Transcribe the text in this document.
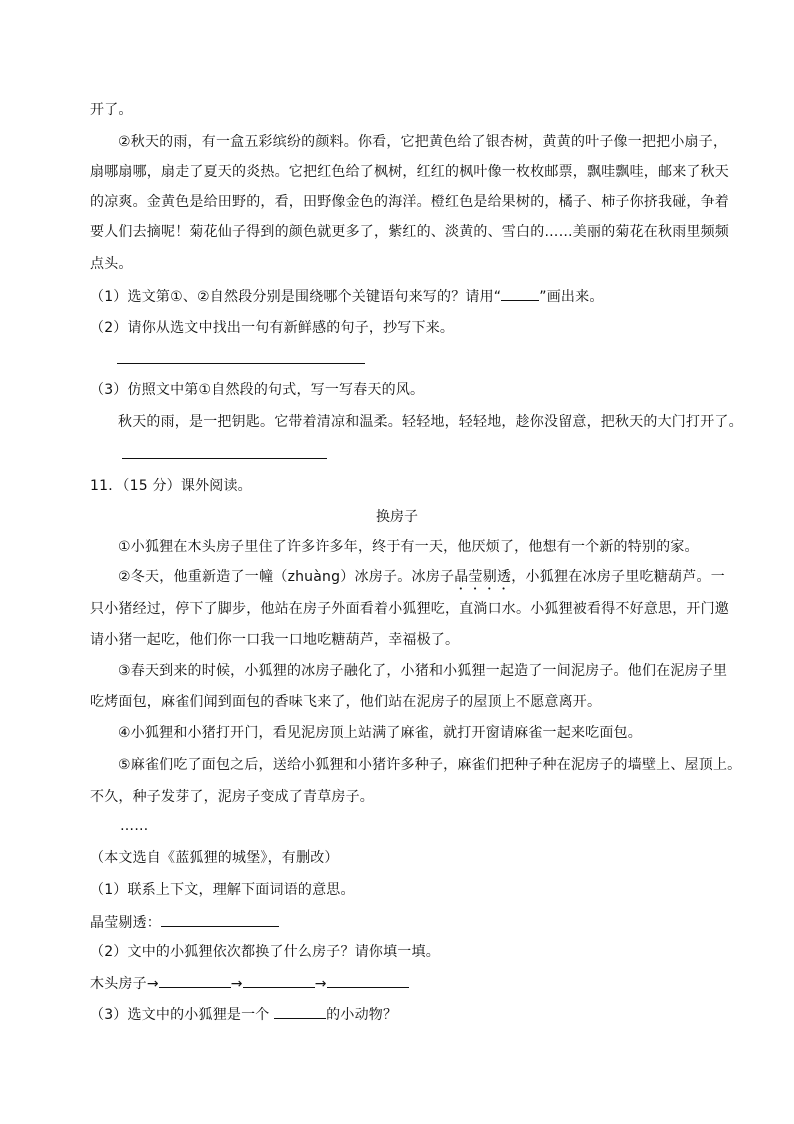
开了。
②秋天的雨，有一盒五彩缤纷的颜料。你看，它把黄色给了银杏树，黄黄的叶子像一把把小扇子，
扇哪扇哪，扇走了夏天的炎热。它把红色给了枫树，红红的枫叶像一枚枚邮票，飘哇飘哇，邮来了秋天
的凉爽。金黄色是给田野的，看，田野像金色的海洋。橙红色是给果树的，橘子、柿子你挤我碰，争着
要人们去摘呢！菊花仙子得到的颜色就更多了，紫红的、淡黄的、雪白的……美丽的菊花在秋雨里频频
点头。
（1）选文第①、②自然段分别是围绕哪个关键语句来写的？请用“	”画出来。
（2）请你从选文中找出一句有新鲜感的句子，抄写下来。
（3）仿照文中第①自然段的句式，写一写春天的风。
秋天的雨，是一把钥匙。它带着清凉和温柔。轻轻地，轻轻地，趁你没留意，把秋天的大门打开了。
11．（15 分）课外阅读。
换房子
①小狐狸在木头房子里住了许多许多年，终于有一天，他厌烦了，他想有一个新的特别的家。
②冬天，他重新造了一幢（zhuàng）冰房子。冰房子晶莹剔透，小狐狸在冰房子里吃糖葫芦。一
只小猪经过，停下了脚步，他站在房子外面看着小狐狸吃，直淌口水。小狐狸被看得不好意思，开门邀
请小猪一起吃，他们你一口我一口地吃糖葫芦，幸福极了。
③春天到来的时候，小狐狸的冰房子融化了，小猪和小狐狸一起造了一间泥房子。他们在泥房子里
吃烤面包，麻雀们闻到面包的香味飞来了，他们站在泥房子的屋顶上不愿意离开。
④小狐狸和小猪打开门，看见泥房顶上站满了麻雀，就打开窗请麻雀一起来吃面包。
⑤麻雀们吃了面包之后，送给小狐狸和小猪许多种子，麻雀们把种子种在泥房子的墙壁上、屋顶上。
不久，种子发芽了，泥房子变成了青草房子。
……
（本文选自《蓝狐狸的城堡》，有删改）
（1）联系上下文，理解下面词语的意思。
晶莹剔透：
（2）文中的小狐狸依次都换了什么房子？请你填一填。
木头房子→	→	→
（3）选文中的小狐狸是一个	的小动物？
